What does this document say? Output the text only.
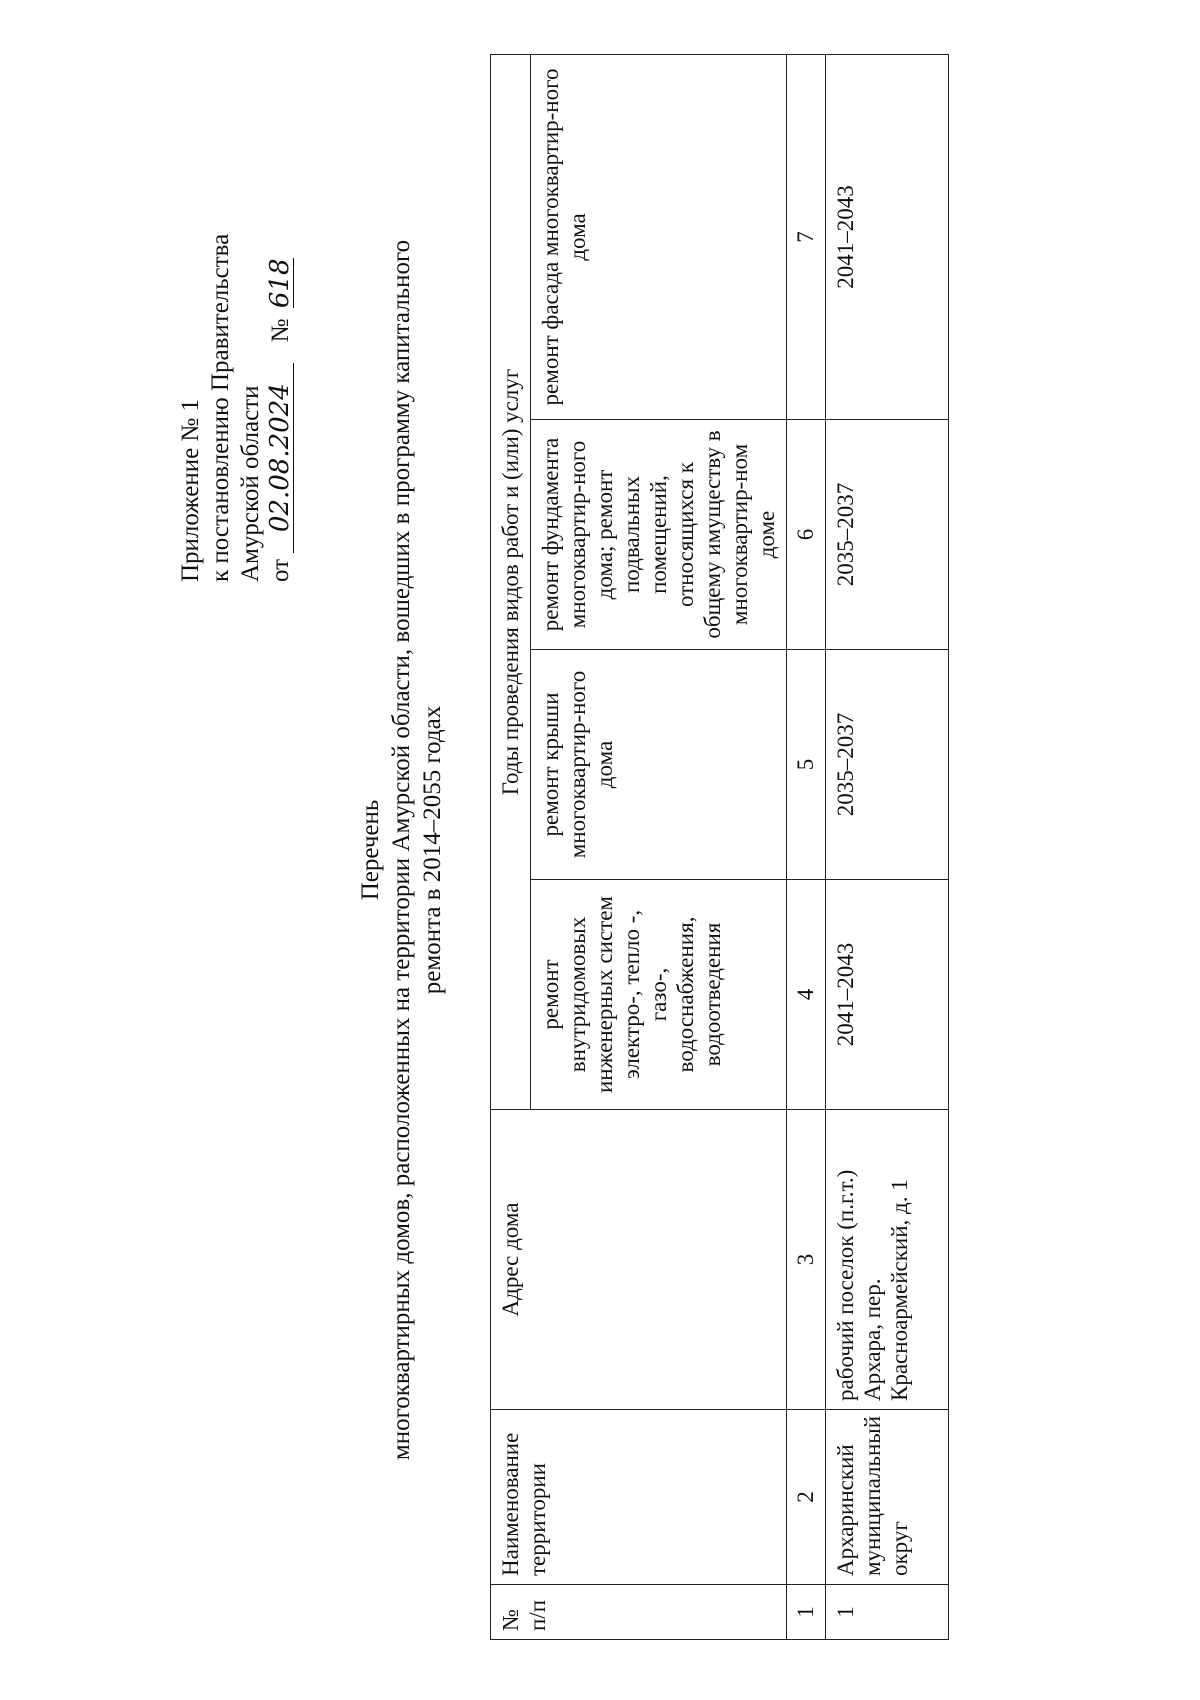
Приложение № 1 к постановлению Правительства Амурской области от 02.08.2024 № 618
Перечень многоквартирных домов, расположенных на территории Амурской области, вошедших в программу капитального ремонта в 2014–2055 годах
№ п/п	Наименование территории	Адрес дома	Годы проведения видов работ и (или) услуг			
			ремонт внутридомовых инженерных систем электро-, тепло -, газо-, водоснабжения, водоотведения	ремонт крыши многоквартир-ного дома	ремонт фундамента многоквартир-ного дома; ремонт подвальных помещений, относящихся к общему имуществу в многоквартир-ном доме	ремонт фасада многоквартир-ного дома
1	2	3	4	5	6	7
1	Архаринский муниципальный округ	рабочий поселок (п.г.т.) Архара, пер. Красноармейский, д. 1	2041–2043	2035–2037	2035–2037	2041–2043
